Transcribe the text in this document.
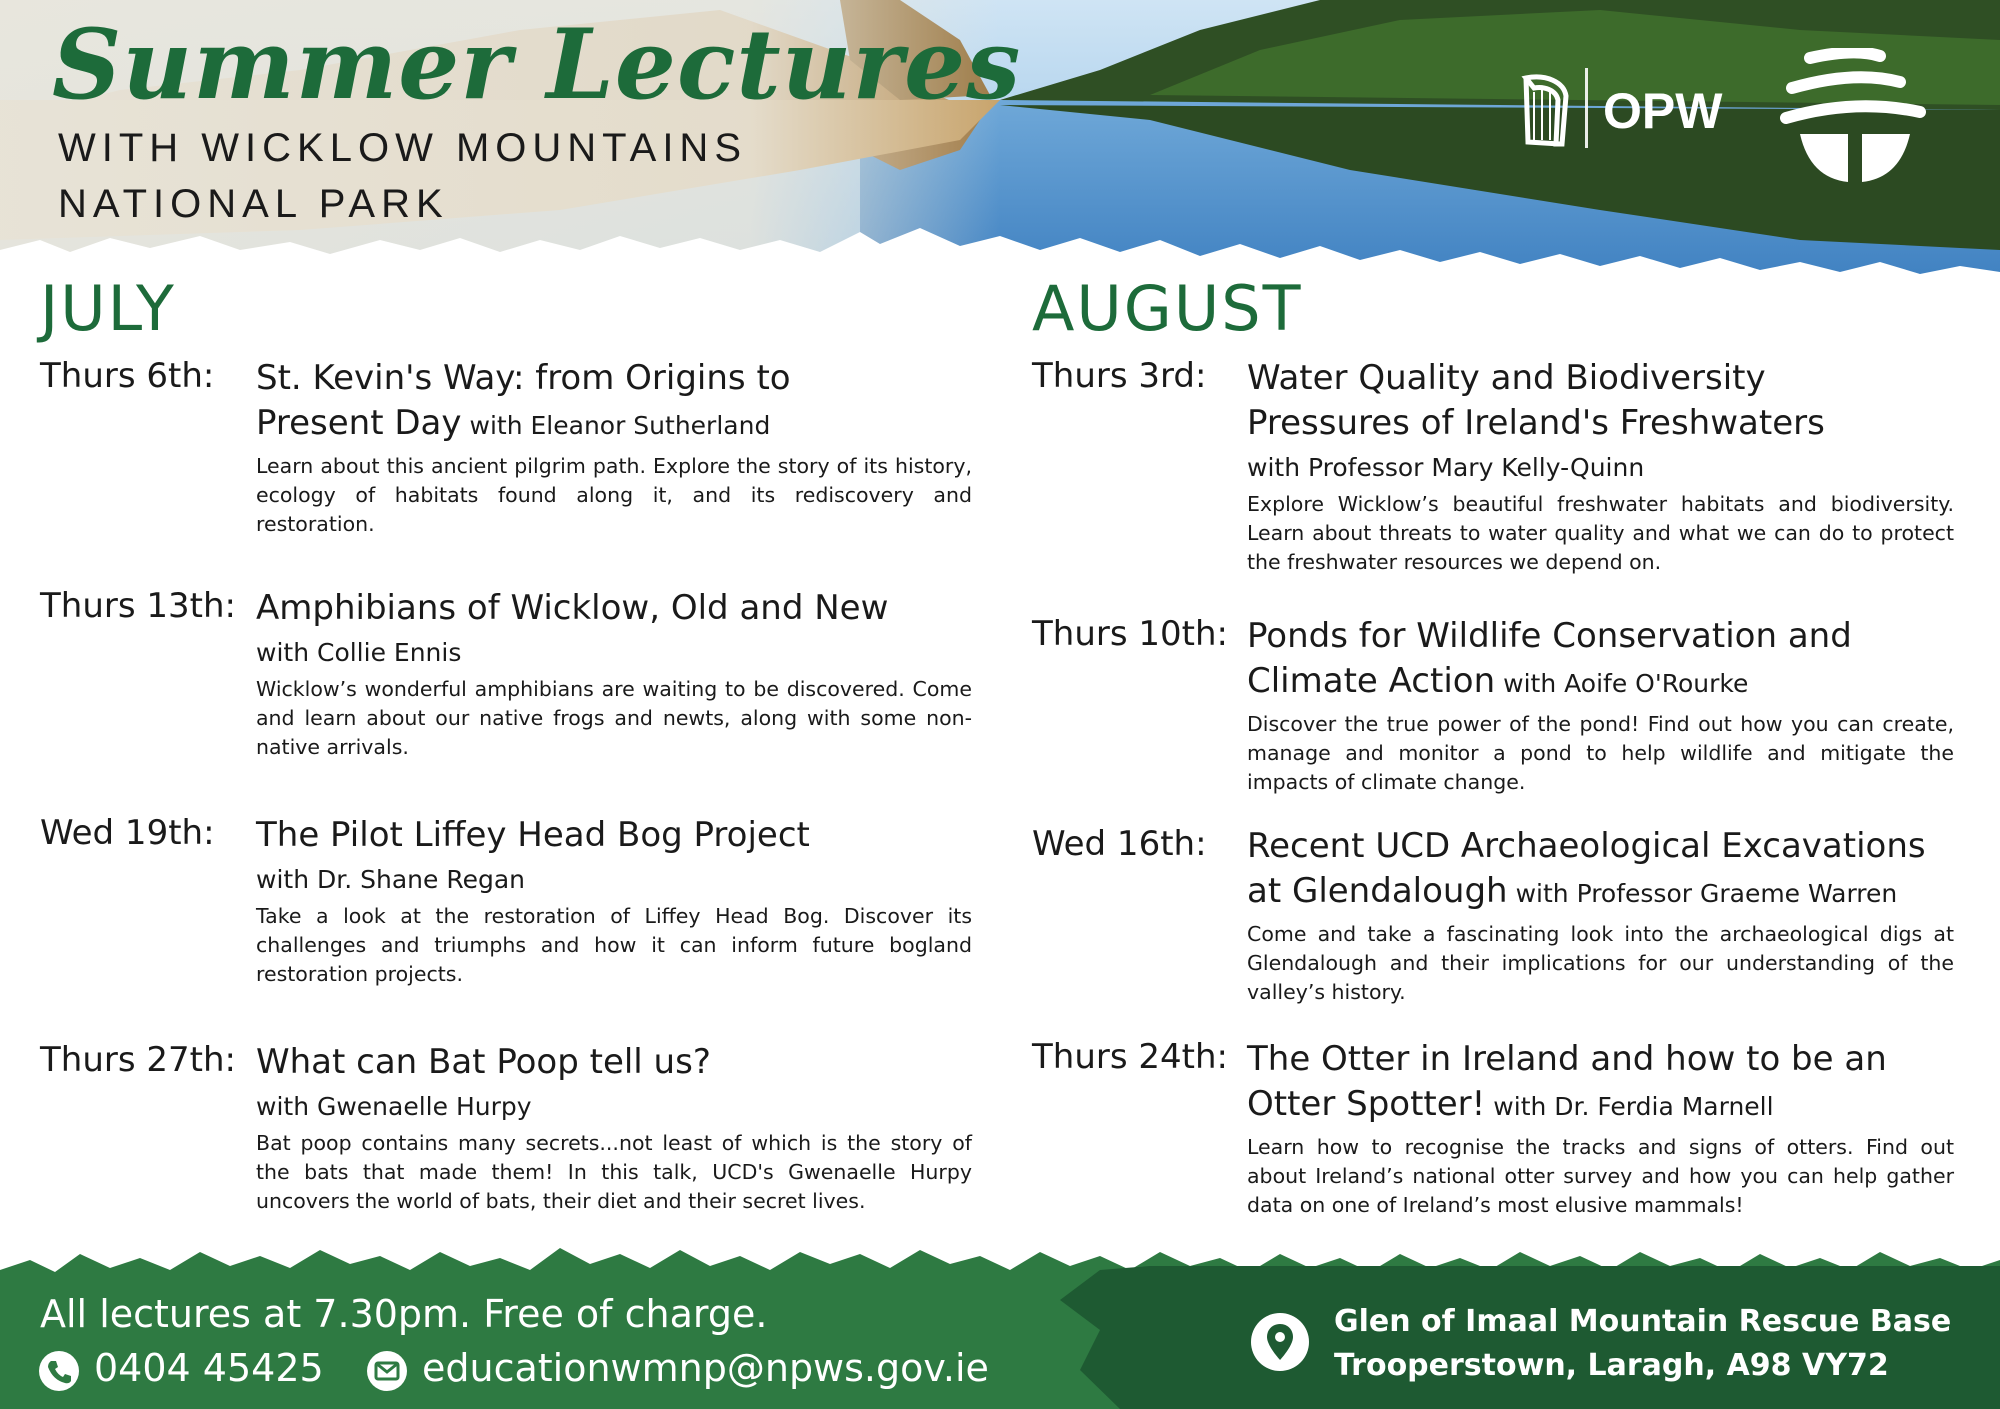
Summer Lectures
WITH WICKLOW MOUNTAINS
NATIONAL PARK
OPW
JULY
Thurs 6th: St. Kevin's Way: from Origins to
Present Day with Eleanor Sutherland
Learn about this ancient pilgrim path. Explore the story of its history, ecology of habitats found along it, and its rediscovery and restoration.
Thurs 13th: Amphibians of Wicklow, Old and New
with Collie Ennis
Wicklow’s wonderful amphibians are waiting to be discovered. Come and learn about our native frogs and newts, along with some non-native arrivals.
Wed 19th: The Pilot Liffey Head Bog Project
with Dr. Shane Regan
Take a look at the restoration of Liffey Head Bog. Discover its challenges and triumphs and how it can inform future bogland restoration projects.
Thurs 27th: What can Bat Poop tell us?
with Gwenaelle Hurpy
Bat poop contains many secrets...not least of which is the story of the bats that made them! In this talk, UCD's Gwenaelle Hurpy uncovers the world of bats, their diet and their secret lives.
AUGUST
Thurs 3rd: Water Quality and Biodiversity
Pressures of Ireland's Freshwaters
with Professor Mary Kelly-Quinn
Explore Wicklow’s beautiful freshwater habitats and biodiversity. Learn about threats to water quality and what we can do to protect the freshwater resources we depend on.
Thurs 10th: Ponds for Wildlife Conservation and
Climate Action with Aoife O'Rourke
Discover the true power of the pond! Find out how you can create, manage and monitor a pond to help wildlife and mitigate the impacts of climate change.
Wed 16th: Recent UCD Archaeological Excavations
at Glendalough with Professor Graeme Warren
Come and take a fascinating look into the archaeological digs at Glendalough and their implications for our understanding of the valley’s history.
Thurs 24th: The Otter in Ireland and how to be an
Otter Spotter! with Dr. Ferdia Marnell
Learn how to recognise the tracks and signs of otters. Find out about Ireland’s national otter survey and how you can help gather data on one of Ireland’s most elusive mammals!
All lectures at 7.30pm. Free of charge.
0404 45425	educationwmnp@npws.gov.ie
Glen of Imaal Mountain Rescue Base
Trooperstown, Laragh, A98 VY72
